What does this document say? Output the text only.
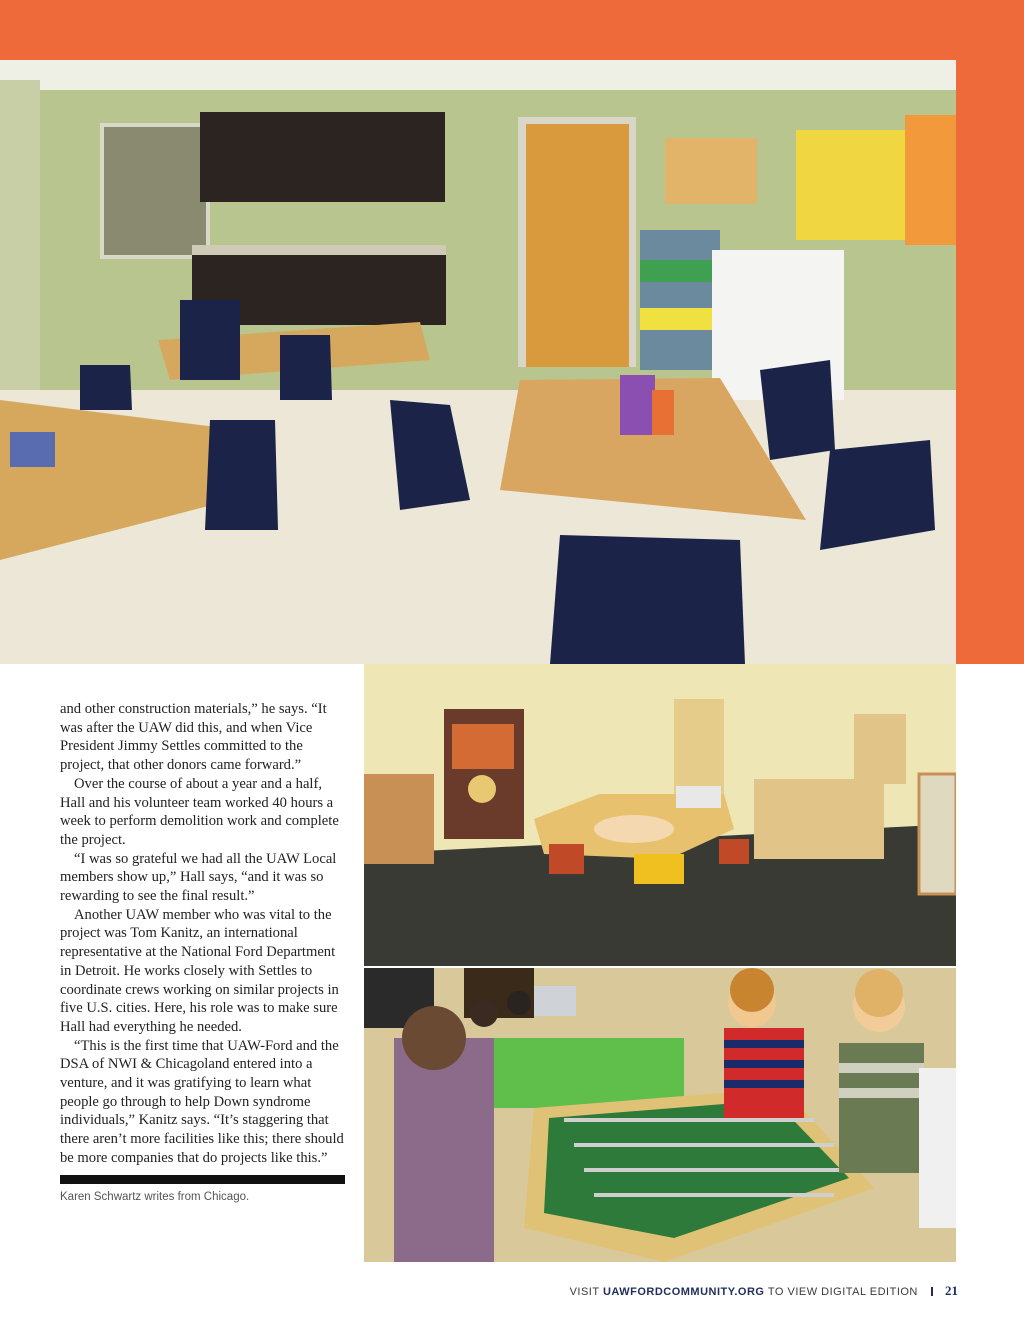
and other construction materials,” he says. “It was after the UAW did this, and when Vice President Jimmy Settles committed to the project, that other donors came forward.”

Over the course of about a year and a half, Hall and his volunteer team worked 40 hours a week to perform demolition work and complete the project.

“I was so grateful we had all the UAW Local members show up,” Hall says, “and it was so rewarding to see the final result.”

Another UAW member who was vital to the project was Tom Kanitz, an international representative at the National Ford Department in Detroit. He works closely with Settles to coordinate crews working on similar projects in five U.S. cities. Here, his role was to make sure Hall had everything he needed.

“This is the first time that UAW-Ford and the DSA of NWI & Chicagoland entered into a venture, and it was gratifying to learn what people go through to help Down syndrome individuals,” Kanitz says. “It’s staggering that there aren’t more facilities like this; there should be more companies that do projects like this.”

Karen Schwartz writes from Chicago.
VISIT UAWFORDCOMMUNITY.ORG TO VIEW DIGITAL EDITION 21
